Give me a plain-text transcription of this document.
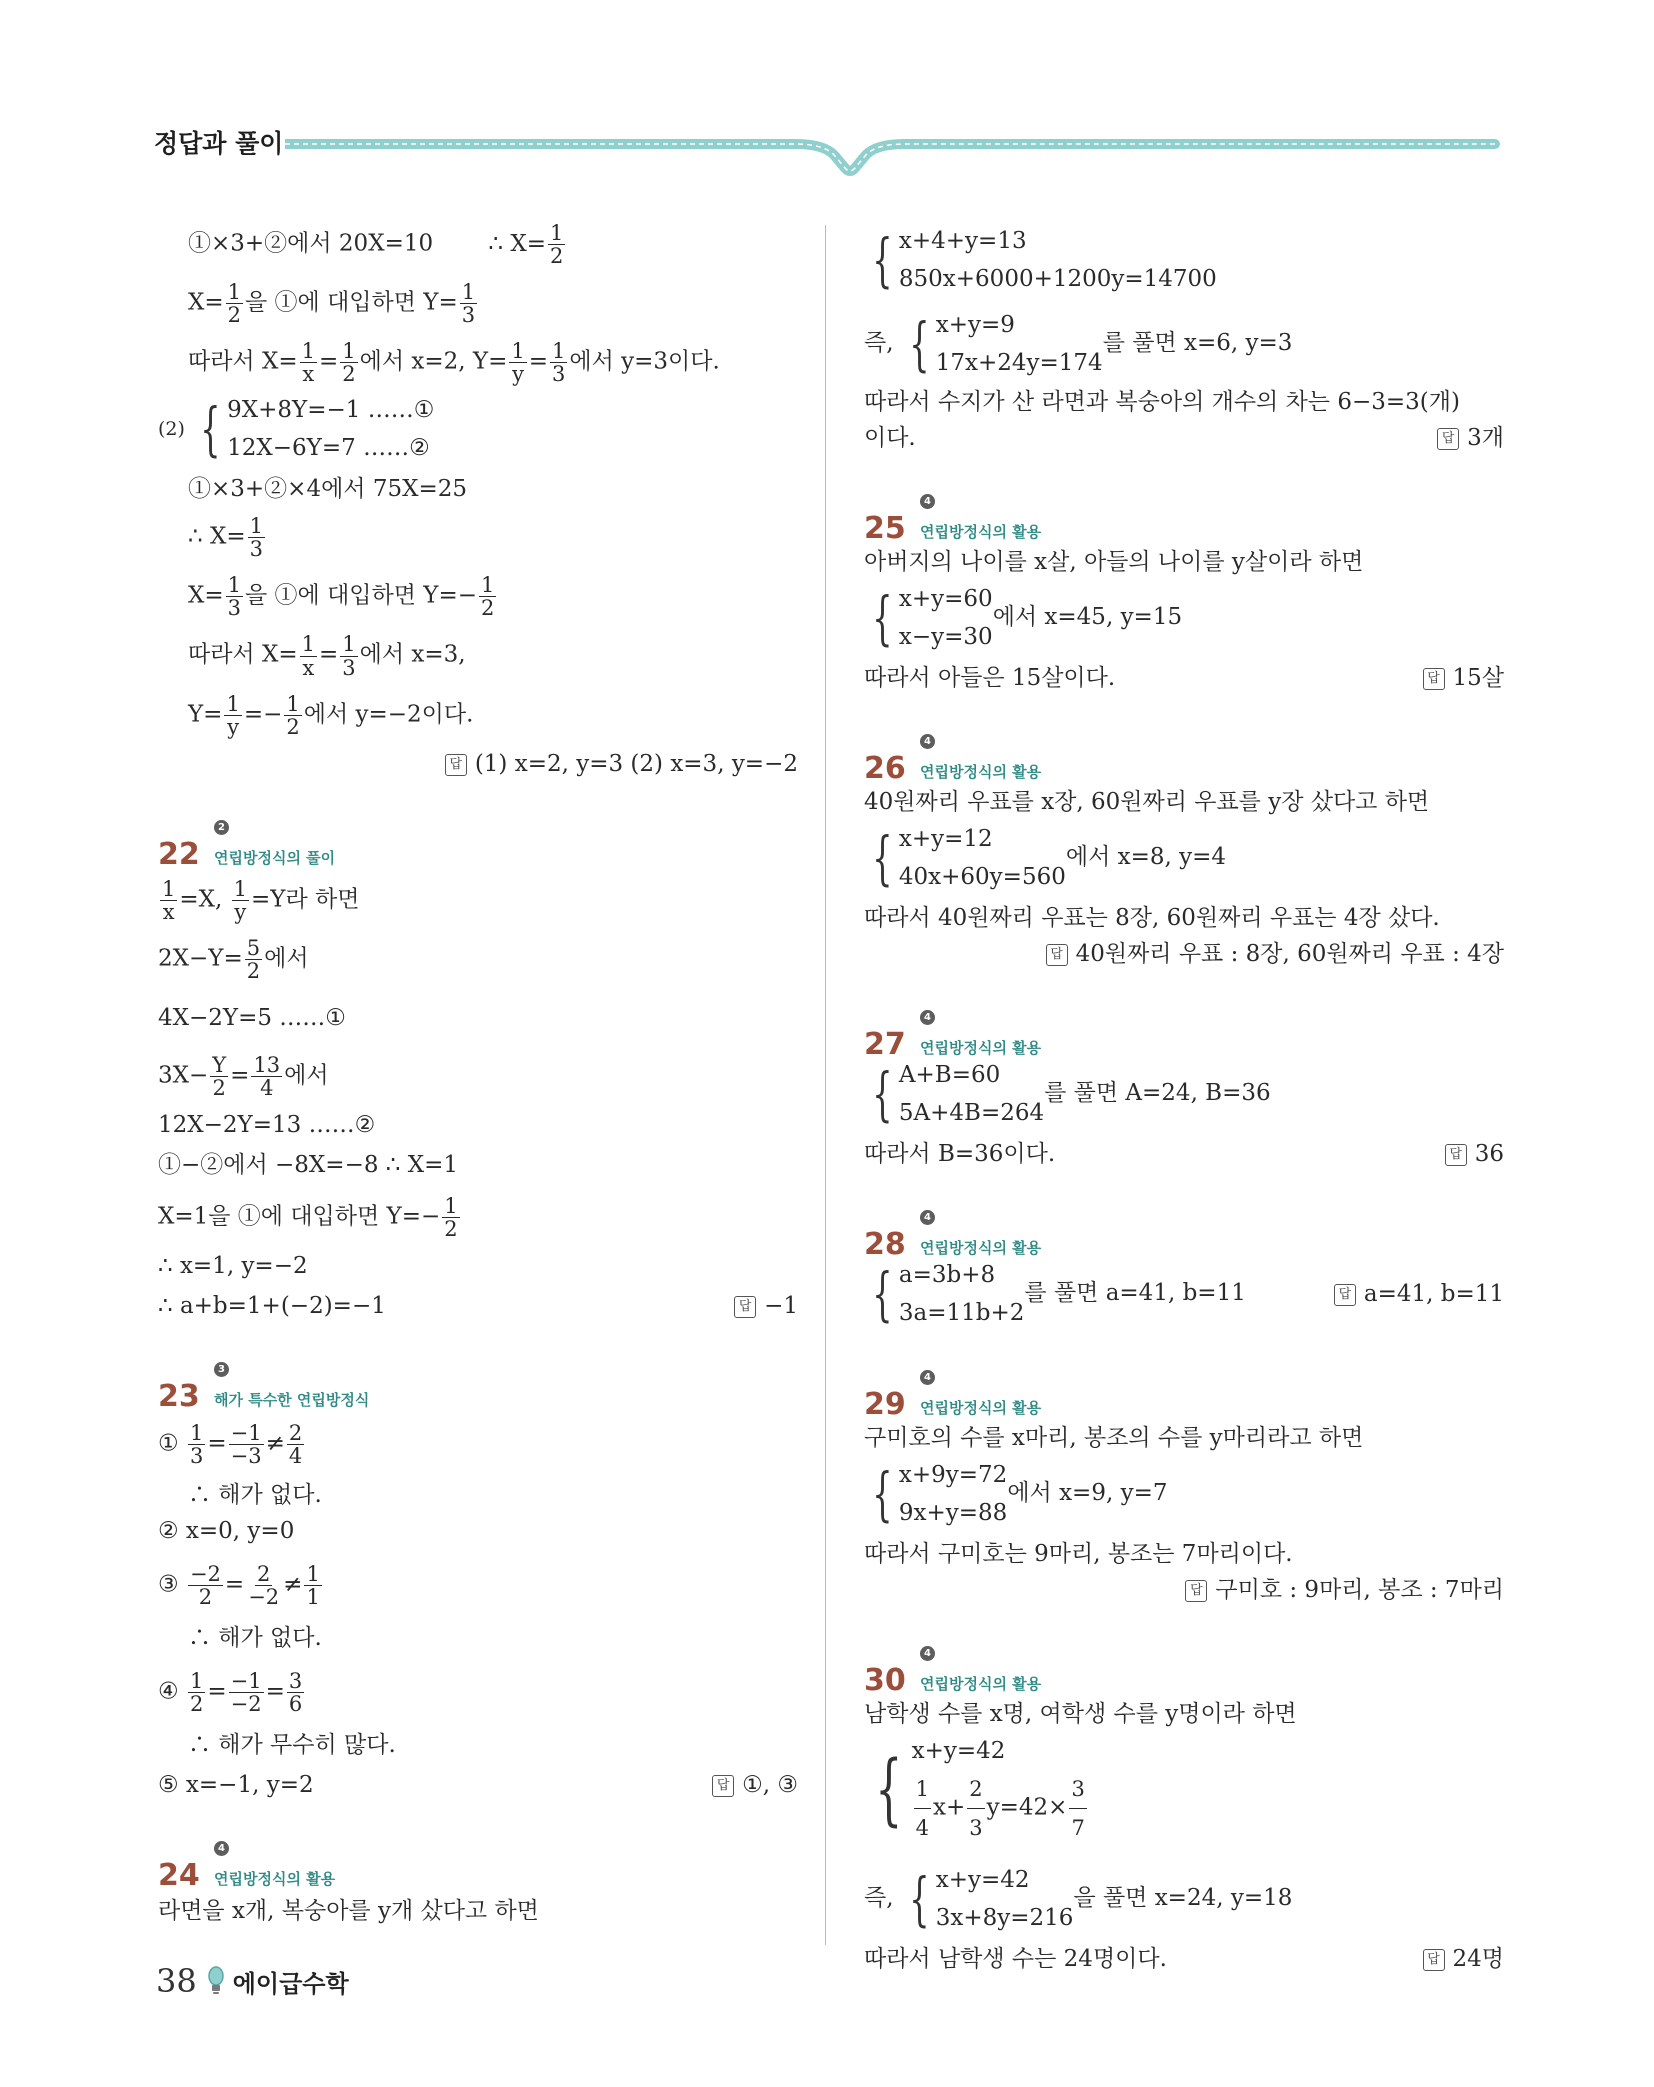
정답과 풀이
①×3+②에서 20X=10 ∴ $X= \frac{1}{2}$
$X= \frac{1}{2}$ 을 ①에 대입하면 $Y= \frac{1}{3}$
따라서 $X= \frac{1}{x} = \frac{1}{2}$ 에서 x=2, $Y= \frac{1}{y} = \frac{1}{3}$ 에서 y=3이다.
(2) { 9X+8Y=−1 ……①
12X−6Y=7 ……②
①×3+②×4에서 75X=25
∴ $X= \frac{1}{3}$
$X= \frac{1}{3}$ 을 ①에 대입하면 $Y=- \frac{1}{2}$
따라서 $X= \frac{1}{x} = \frac{1}{3}$ 에서 x=3,
$Y= \frac{1}{y} =- \frac{1}{2}$ 에서 y=−2이다.
답 (1) x=2, y=3 (2) x=3, y=−2
22
2
연립방정식의 풀이
$\frac{1}{x} =X$, $\frac{1}{y} =Y$라 하면
$2X-Y= \frac{5}{2}$ 에서
4X−2Y=5 ……①
$3X- \frac{Y}{2} = \frac{13}{4}$ 에서
12X−2Y=13 ……②
①−②에서 −8X=−8 ∴ X=1
X=1을 ①에 대입하면 $Y=- \frac{1}{2}$
∴ x=1, y=−2
∴ a+b=1+(−2)=−1	답 −1
23
3
해가 특수한 연립방정식
① $\frac{1}{3} = \frac{-1}{-3} \ne \frac{2}{4}$
∴ 해가 없다.
② x=0, y=0
③ $\frac{-2}{2} = \frac{2}{-2} \ne \frac{1}{1}$
∴ 해가 없다.
④ $\frac{1}{2} = \frac{-1}{-2} = \frac{3}{6}$
∴ 해가 무수히 많다.
⑤ x=−1, y=2	답 ①, ③
24
4
연립방정식의 활용
라면을 x개, 복숭아를 y개 샀다고 하면
{ x+4+y=13
850x+6000+1200y=14700
즉, { x+y=9
17x+24y=174
를 풀면 x=6, y=3
따라서 수지가 산 라면과 복숭아의 개수의 차는 6−3=3(개)
이다.	답 3개
25
4
연립방정식의 활용
아버지의 나이를 x살, 아들의 나이를 y살이라 하면
{ x+y=60
x−y=30
에서 x=45, y=15
따라서 아들은 15살이다.	답 15살
26
4
연립방정식의 활용
40원짜리 우표를 x장, 60원짜리 우표를 y장 샀다고 하면
{ x+y=12
40x+60y=560
에서 x=8, y=4
따라서 40원짜리 우표는 8장, 60원짜리 우표는 4장 샀다.
답 40원짜리 우표 : 8장, 60원짜리 우표 : 4장
27
4
연립방정식의 활용
{ A+B=60
5A+4B=264
를 풀면 A=24, B=36
따라서 B=36이다.	답 36
28
4
연립방정식의 활용
{ a=3b+8
3a=11b+2
를 풀면 a=41, b=11	답 a=41, b=11
29
4
연립방정식의 활용
구미호의 수를 x마리, 봉조의 수를 y마리라고 하면
{ x+9y=72
9x+y=88
에서 x=9, y=7
따라서 구미호는 9마리, 봉조는 7마리이다.
답 구미호 : 9마리, 봉조 : 7마리
30
4
연립방정식의 활용
남학생 수를 x명, 여학생 수를 y명이라 하면
{ x+y=42
$\frac{1}{4} x+ \frac{2}{3} y=42\times \frac{3}{7}$
즉, { x+y=42
3x+8y=216
을 풀면 x=24, y=18
따라서 남학생 수는 24명이다.	답 24명
38 에이급수학
